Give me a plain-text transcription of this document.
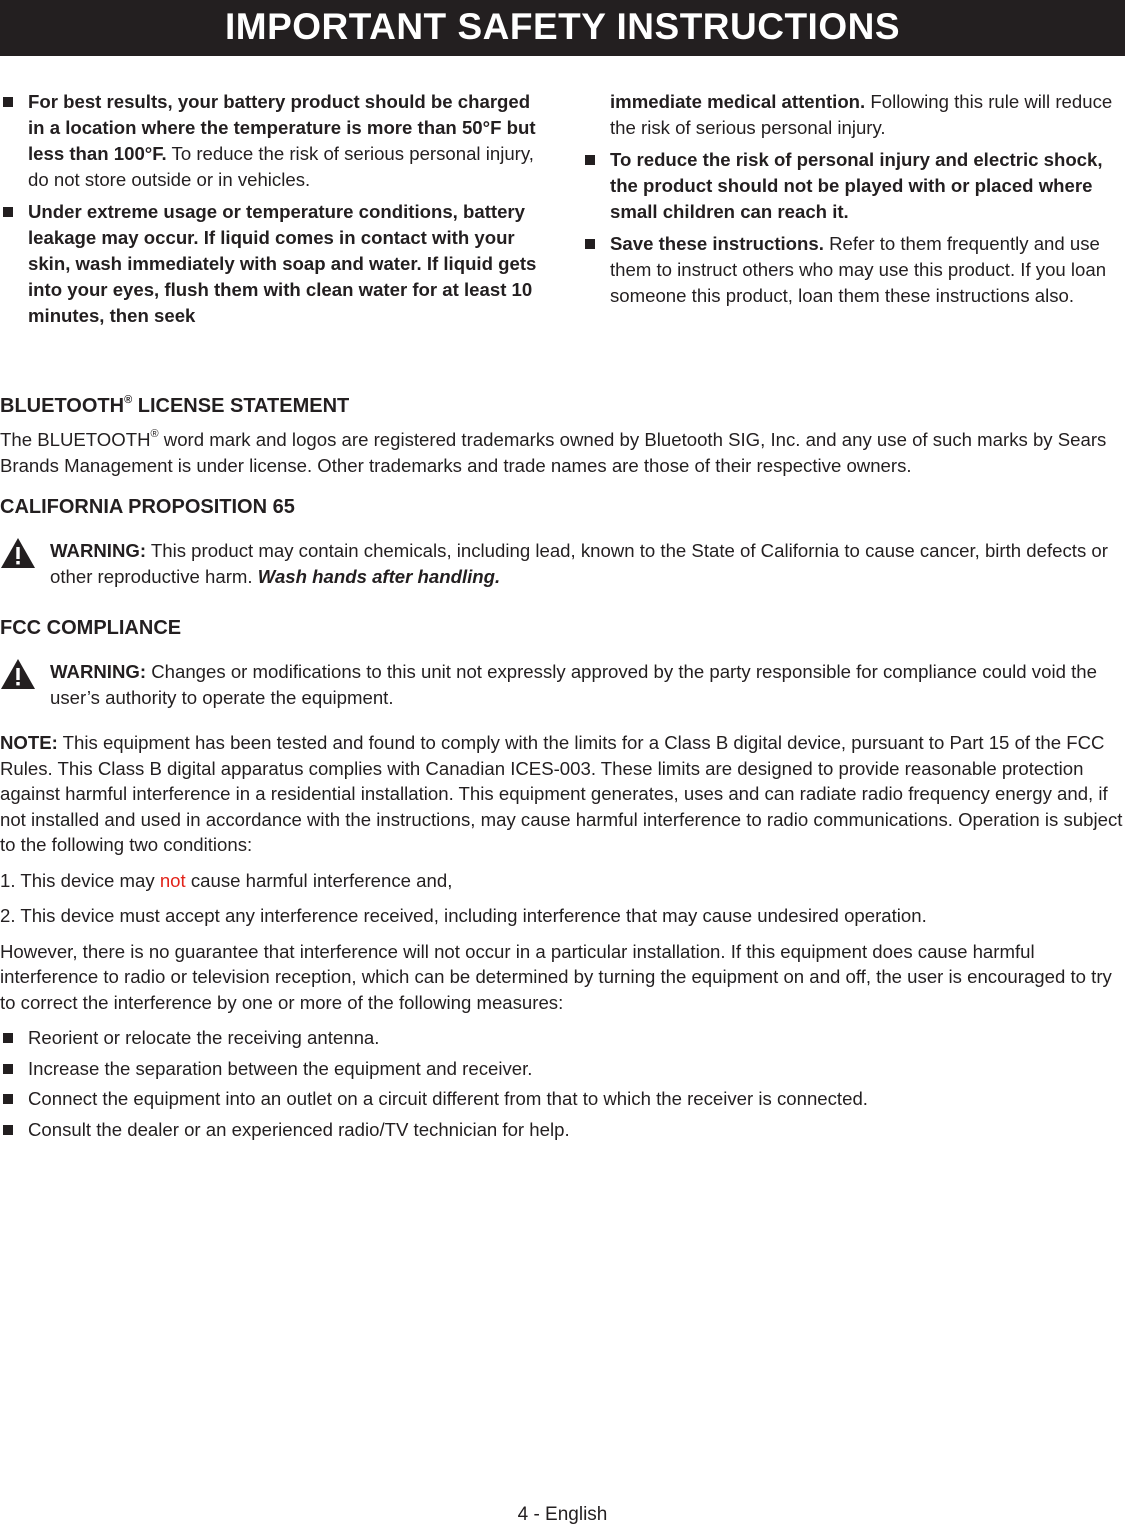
IMPORTANT SAFETY INSTRUCTIONS
For best results, your battery product should be charged in a location where the temperature is more than 50°F but less than 100°F. To reduce the risk of serious personal injury, do not store outside or in vehicles.
Under extreme usage or temperature conditions, battery leakage may occur. If liquid comes in contact with your skin, wash immediately with soap and water. If liquid gets into your eyes, flush them with clean water for at least 10 minutes, then seek
immediate medical attention. Following this rule will reduce the risk of serious personal injury.
To reduce the risk of personal injury and electric shock, the product should not be played with or placed where small children can reach it.
Save these instructions. Refer to them frequently and use them to instruct others who may use this product. If you loan someone this product, loan them these instructions also.
BLUETOOTH® LICENSE STATEMENT
The BLUETOOTH® word mark and logos are registered trademarks owned by Bluetooth SIG, Inc. and any use of such marks by Sears Brands Management is under license. Other trademarks and trade names are those of their respective owners.
CALIFORNIA PROPOSITION 65
WARNING: This product may contain chemicals, including lead, known to the State of California to cause cancer, birth defects or other reproductive harm. Wash hands after handling.
FCC COMPLIANCE
WARNING: Changes or modifications to this unit not expressly approved by the party responsible for compliance could void the user’s authority to operate the equipment.
NOTE: This equipment has been tested and found to comply with the limits for a Class B digital device, pursuant to Part 15 of the FCC Rules. This Class B digital apparatus complies with Canadian ICES-003. These limits are designed to provide reasonable protection against harmful interference in a residential installation. This equipment generates, uses and can radiate radio frequency energy and, if not installed and used in accordance with the instructions, may cause harmful interference to radio communications. Operation is subject to the following two conditions:
1. This device may not cause harmful interference and,
2. This device must accept any interference received, including interference that may cause undesired operation.
However, there is no guarantee that interference will not occur in a particular installation. If this equipment does cause harmful interference to radio or television reception, which can be determined by turning the equipment on and off, the user is encouraged to try to correct the interference by one or more of the following measures:
Reorient or relocate the receiving antenna.
Increase the separation between the equipment and receiver.
Connect the equipment into an outlet on a circuit different from that to which the receiver is connected.
Consult the dealer or an experienced radio/TV technician for help.
4 - English
